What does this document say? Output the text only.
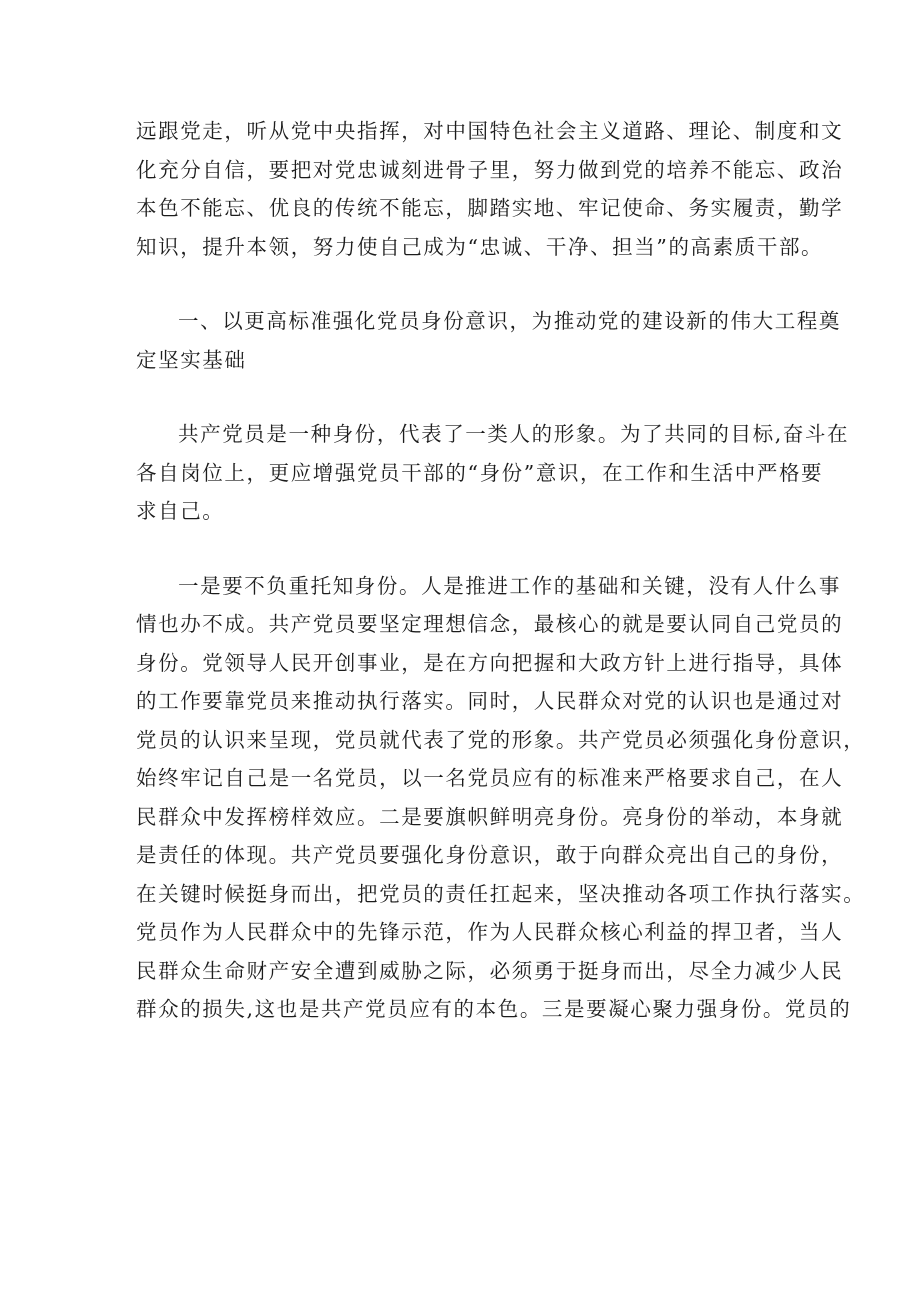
远跟党走，听从党中央指挥，对中国特色社会主义道路、理论、制度和文
化充分自信，要把对党忠诚刻进骨子里，努力做到党的培养不能忘、政治
本色不能忘、优良的传统不能忘，脚踏实地、牢记使命、务实履责，勤学
知识，提升本领，努力使自己成为“忠诚、干净、担当”的高素质干部。
一、以更高标准强化党员身份意识，为推动党的建设新的伟大工程奠
定坚实基础
共产党员是一种身份，代表了一类人的形象。为了共同的目标,奋斗在
各自岗位上，更应增强党员干部的“身份”意识，在工作和生活中严格要
求自己。
一是要不负重托知身份。人是推进工作的基础和关键，没有人什么事
情也办不成。共产党员要坚定理想信念，最核心的就是要认同自己党员的
身份。党领导人民开创事业，是在方向把握和大政方针上进行指导，具体
的工作要靠党员来推动执行落实。同时，人民群众对党的认识也是通过对
党员的认识来呈现，党员就代表了党的形象。共产党员必须强化身份意识，
始终牢记自己是一名党员，以一名党员应有的标准来严格要求自己，在人
民群众中发挥榜样效应。二是要旗帜鲜明亮身份。亮身份的举动，本身就
是责任的体现。共产党员要强化身份意识，敢于向群众亮出自己的身份，
在关键时候挺身而出，把党员的责任扛起来，坚决推动各项工作执行落实。
党员作为人民群众中的先锋示范，作为人民群众核心利益的捍卫者，当人
民群众生命财产安全遭到威胁之际，必须勇于挺身而出，尽全力减少人民
群众的损失,这也是共产党员应有的本色。三是要凝心聚力强身份。党员的
